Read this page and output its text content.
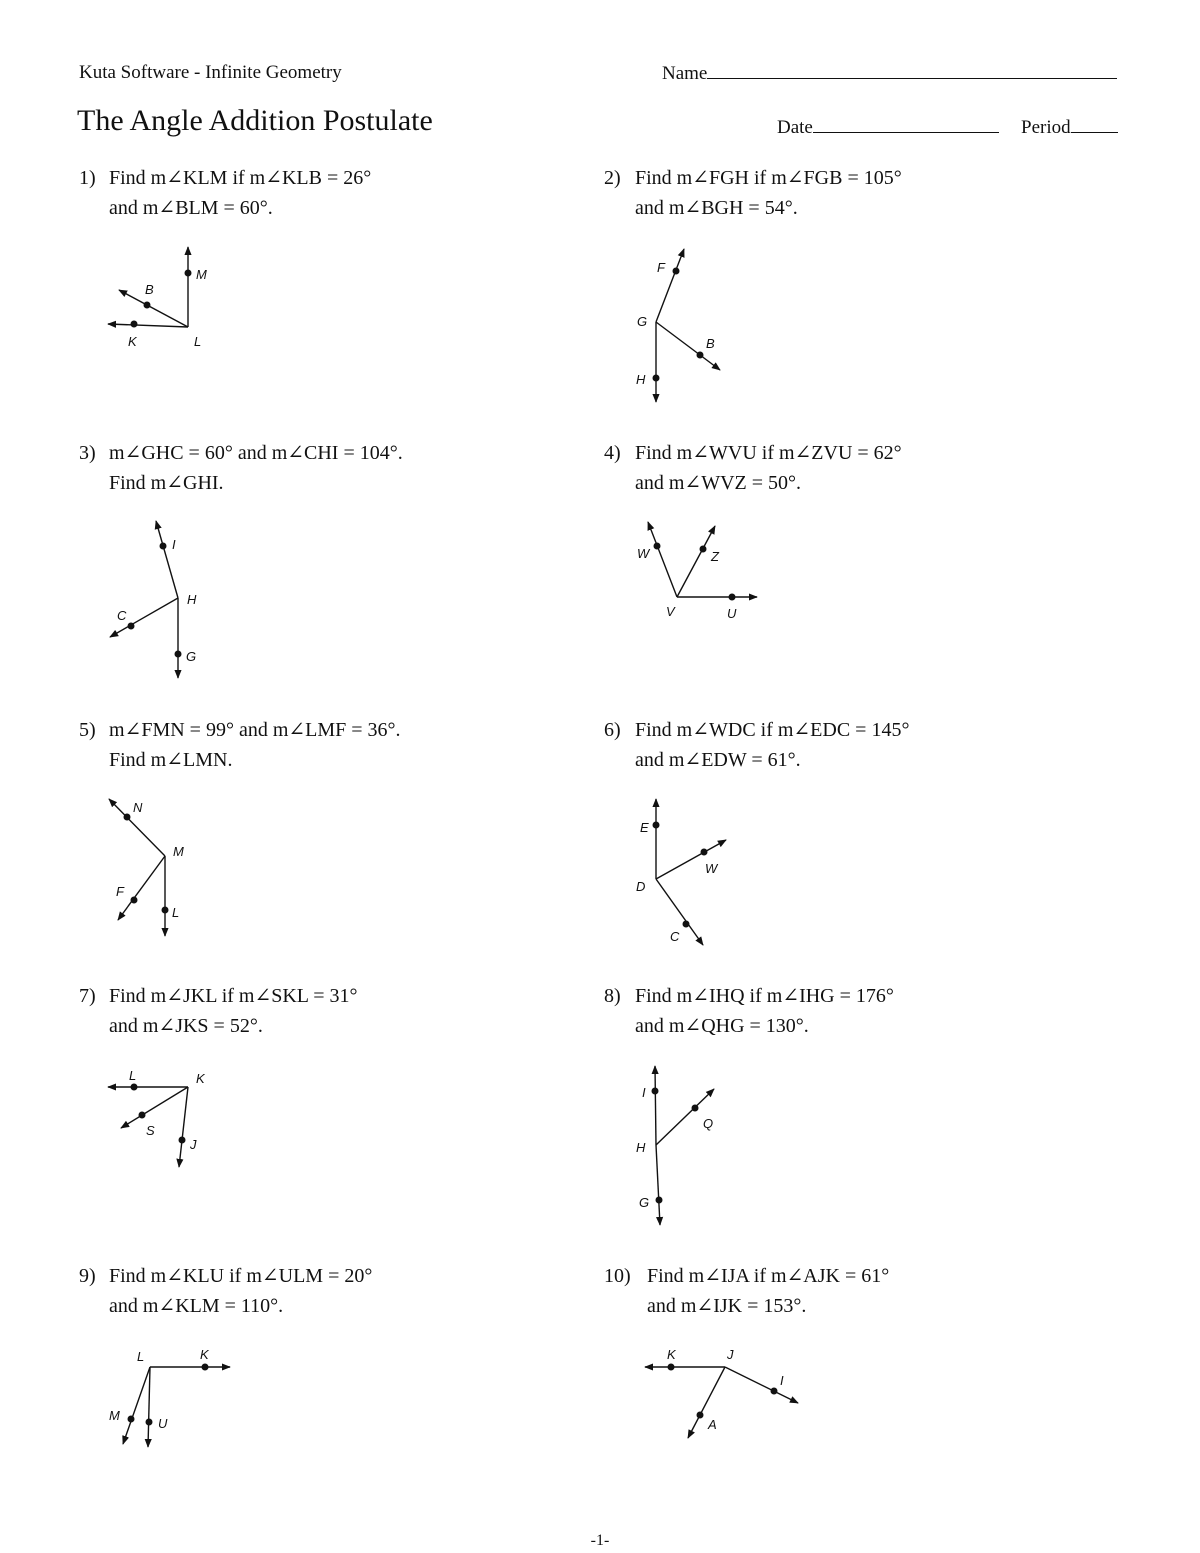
Kuta Software - Infinite Geometry
The Angle Addition Postulate
Name
Date	Period
1) Find m∠KLM if m∠KLB = 26°
and m∠BLM = 60°.
M
B
K	L
2) Find m∠FGH if m∠FGB = 105°
and m∠BGH = 54°.
F
G
B
H
3) m∠GHC = 60° and m∠CHI = 104°.
Find m∠GHI.
I
H
C
G
4) Find m∠WVU if m∠ZVU = 62°
and m∠WVZ = 50°.
W	Z
V	U
5) m∠FMN = 99° and m∠LMF = 36°.
Find m∠LMN.
N
M
F
L
6) Find m∠WDC if m∠EDC = 145°
and m∠EDW = 61°.
E
W
D
C
7) Find m∠JKL if m∠SKL = 31°
and m∠JKS = 52°.
L	K
S
J
8) Find m∠IHQ if m∠IHG = 176°
and m∠QHG = 130°.
I
Q
H
G
9) Find m∠KLU if m∠ULM = 20°
and m∠KLM = 110°.
L	K
M
U
10) Find m∠IJA if m∠AJK = 61°
and m∠IJK = 153°.
K	J
I
A
-1-
